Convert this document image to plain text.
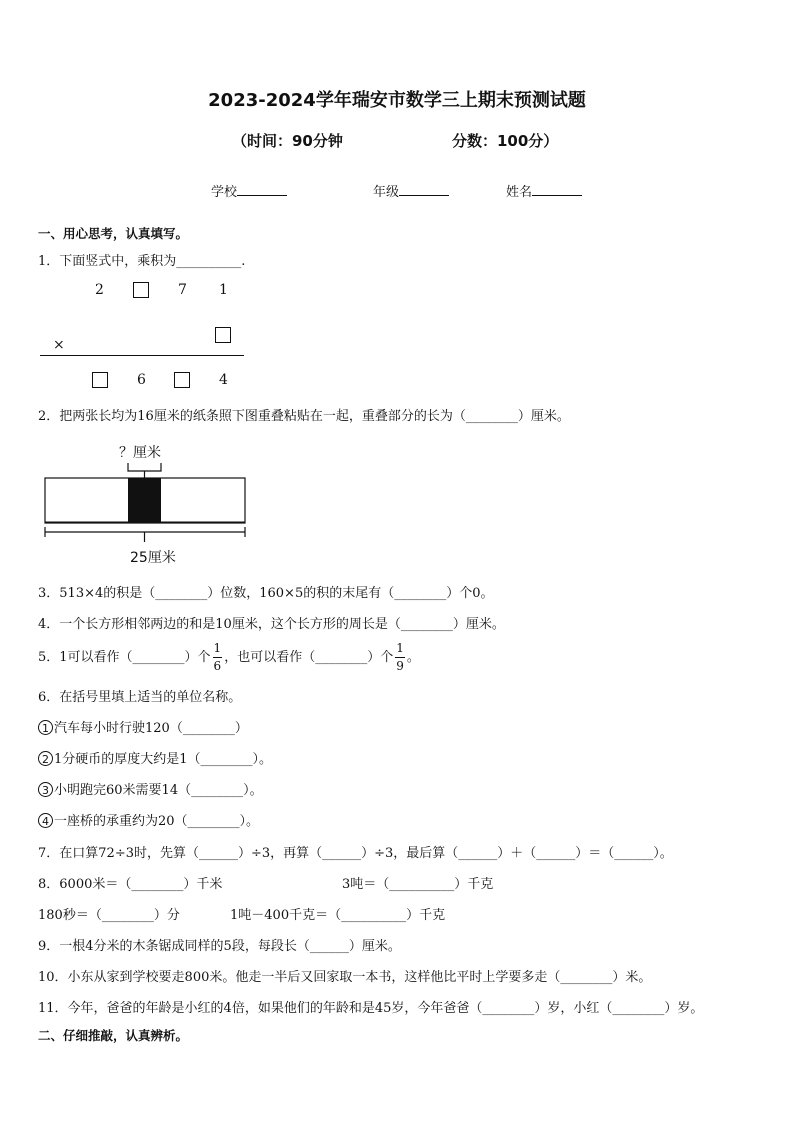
2023-2024学年瑞安市数学三上期末预测试题
（时间：90分钟	分数：100分）
学校	年级	姓名
一、用心思考，认真填写。
1．下面竖式中，乘积为__________.
2	7 1
×
6	4
2．把两张长均为16厘米的纸条照下图重叠粘贴在一起，重叠部分的长为（________）厘米。
？厘米
25厘米
3．513×4的积是（________）位数，160×5的积的末尾有（________）个0。
4．一个长方形相邻两边的和是10厘米，这个长方形的周长是（________）厘米。
5．1可以看作（________）个 $\frac{1}{6}$ ，也可以看作（________）个 $\frac{1}{9}$ 。
6．在括号里填上适当的单位名称。
1 汽车每小时行驶120（________）
2 1分硬币的厚度大约是1（________）。
3 小明跑完60米需要14（________）。
4 一座桥的承重约为20（________）。
7．在口算72÷3时，先算（______）÷3，再算（______）÷3，最后算（______）＋（______）＝（______）。
8．6000米＝（________）千米	3吨＝（__________）千克
180秒＝（________）分	1吨－400千克＝（__________）千克
9．一根4分米的木条锯成同样的5段，每段长（______）厘米。
10．小东从家到学校要走800米。他走一半后又回家取一本书，这样他比平时上学要多走（________）米。
11．今年，爸爸的年龄是小红的4倍，如果他们的年龄和是45岁，今年爸爸（________）岁，小红（________）岁。
二、仔细推敲，认真辨析。
